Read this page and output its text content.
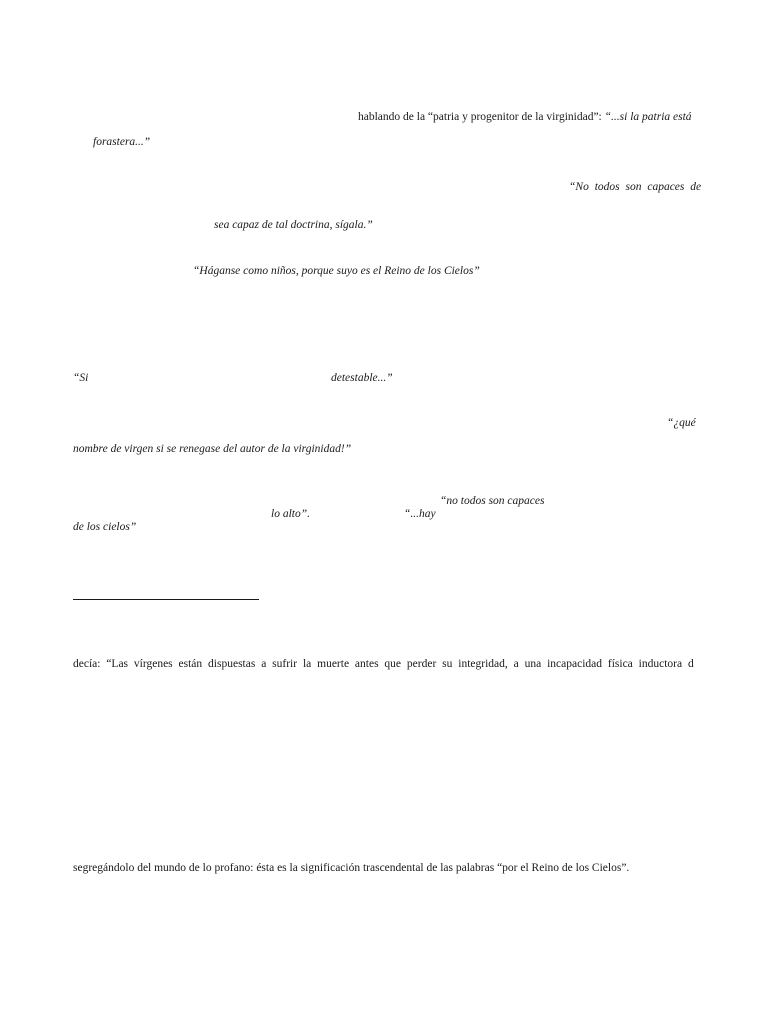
hablando de la “patria y progenitor de la virginidad”: “...si la patria está
forastera...”
“No todos son capaces de
sea capaz de tal doctrina, sígala.”
“Háganse como niños, porque suyo es el Reino de los Cielos”
“Si	detestable...”
“¿qué
nombre de virgen si se renegase del autor de la virginidad!”
“no todos son capaces
lo alto”.	“...hay
de los cielos”
decía: “Las vírgenes están dispuestas a sufrir la muerte antes que perder su integridad, a una incapacidad física inductora d
segregándolo del mundo de lo profano: ésta es la significación trascendental de las palabras “por el Reino de los Cielos”.
